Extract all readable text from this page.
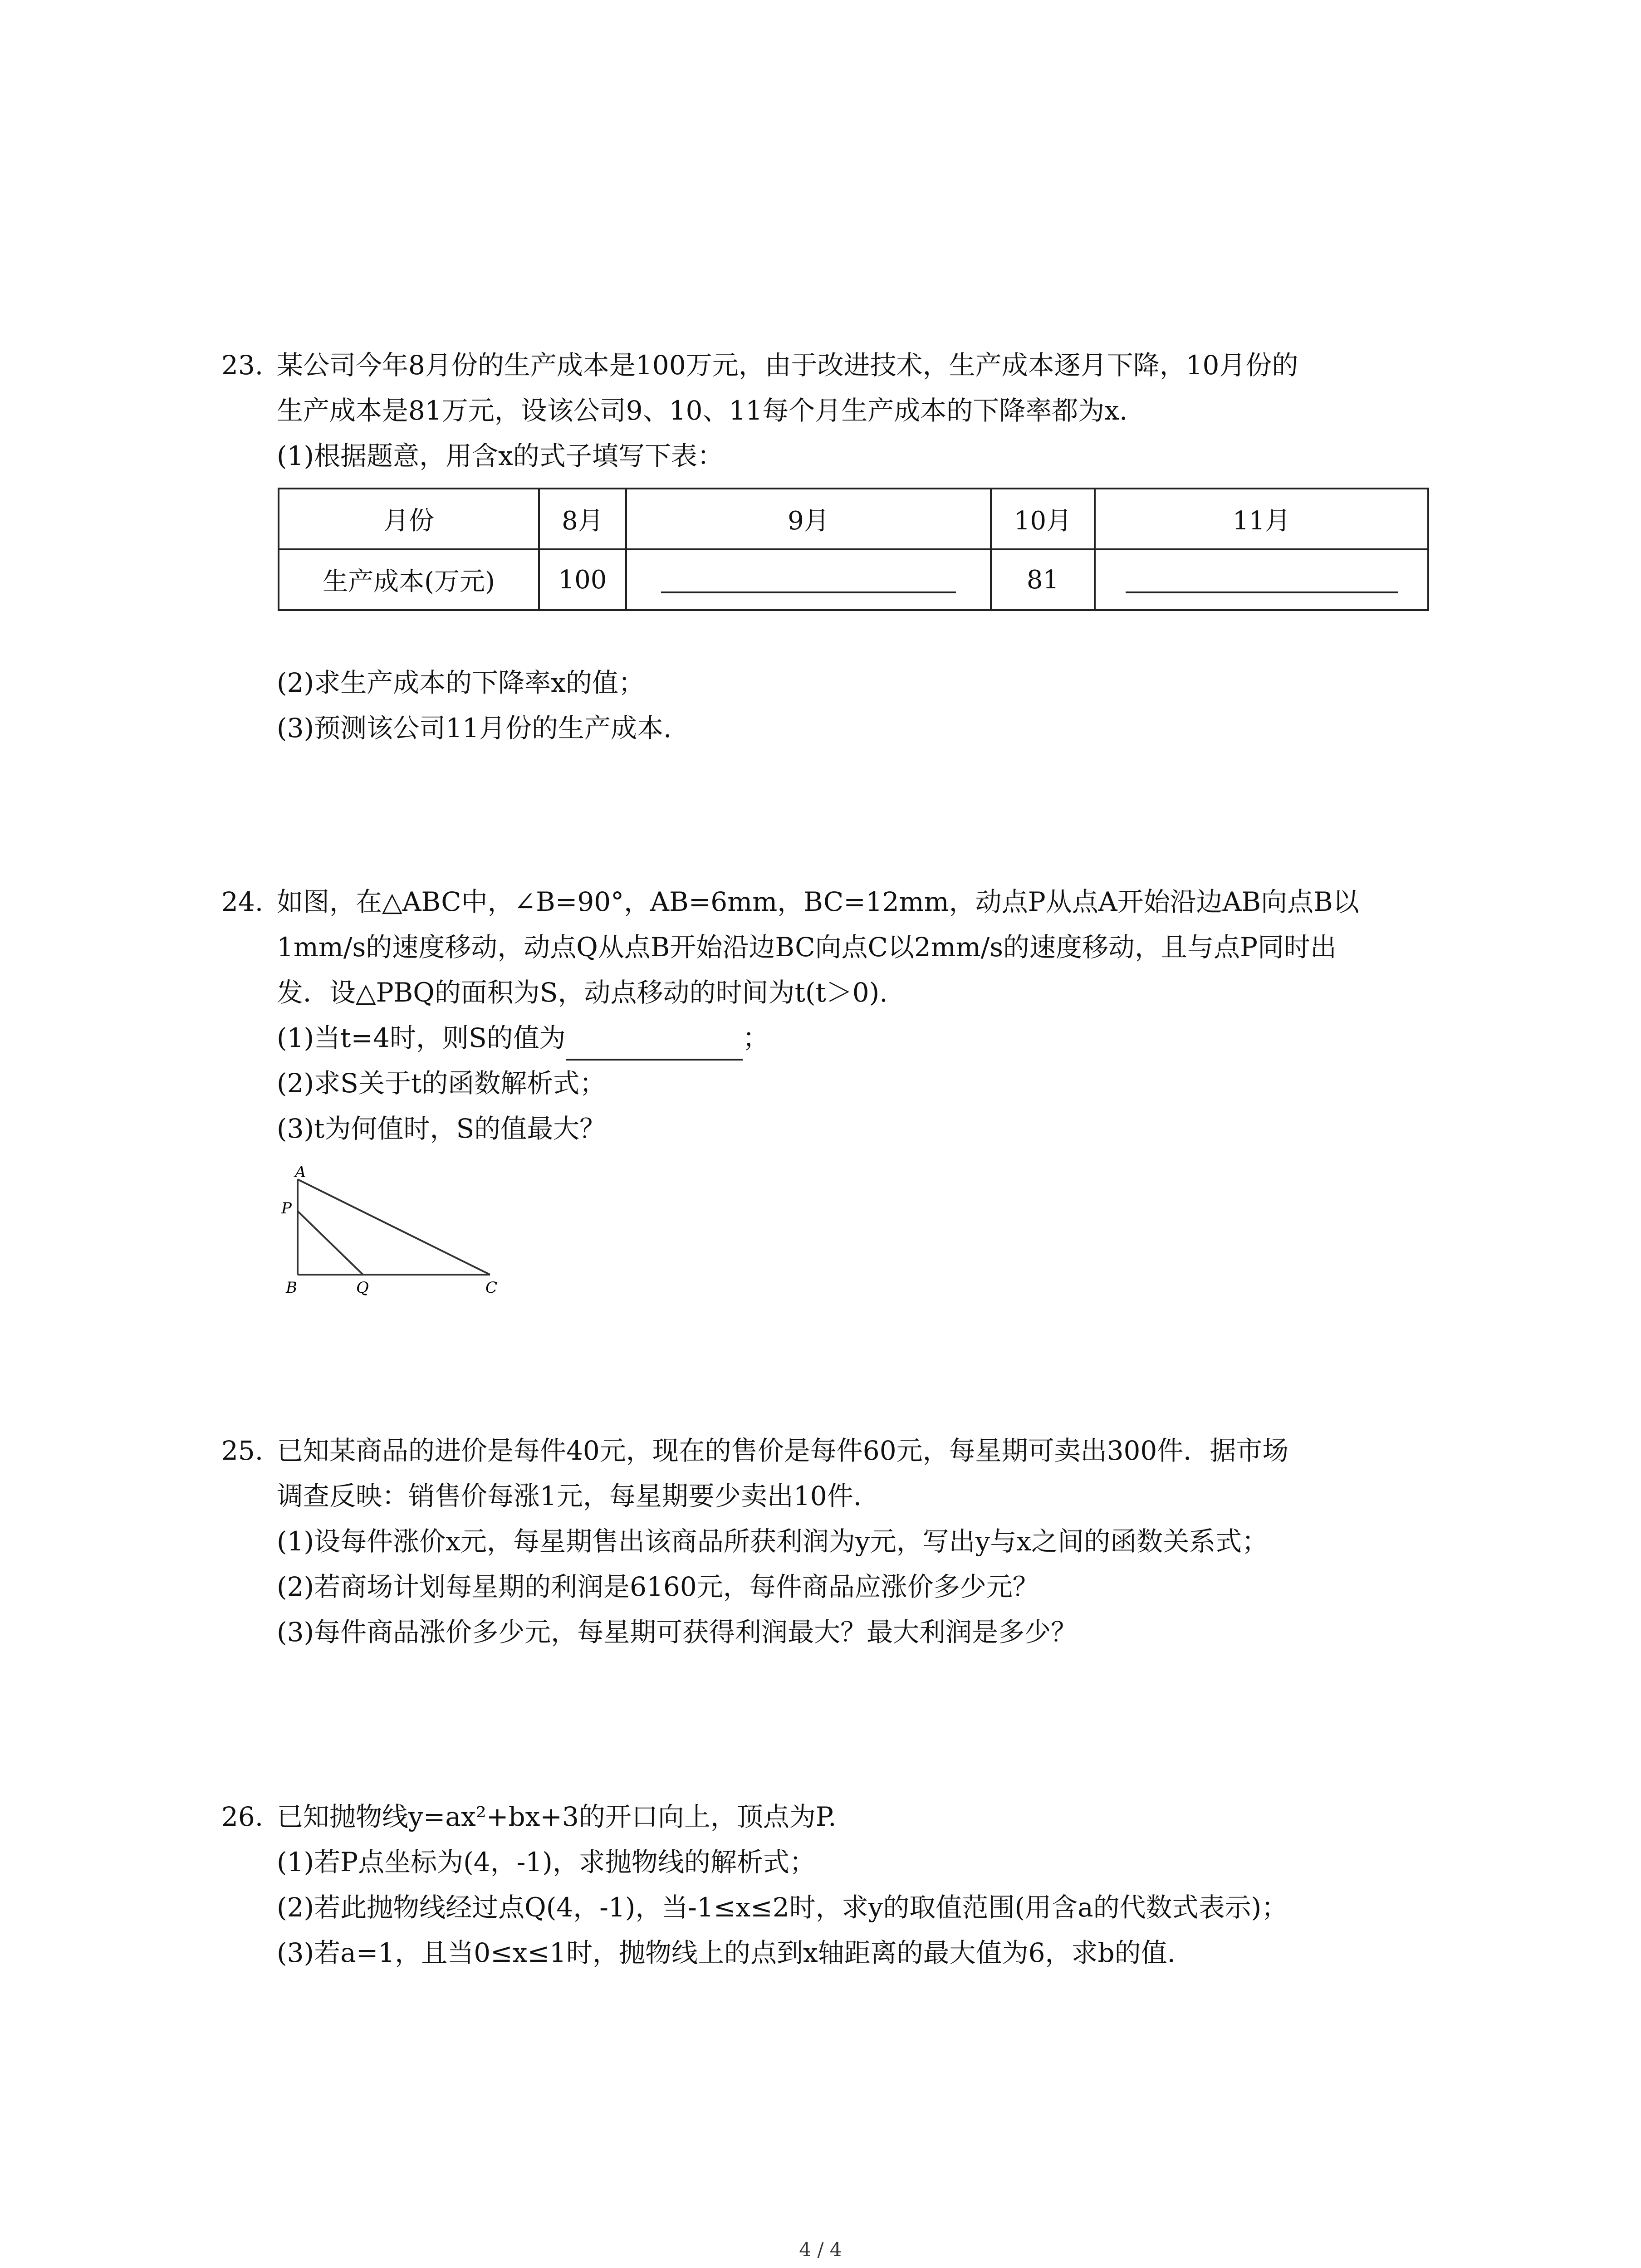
23. 某公司今年8月份的生产成本是100万元，由于改进技术，生产成本逐月下降，10月份的
生产成本是81万元，设该公司9、10、11每个月生产成本的下降率都为x.
(1)根据题意，用含x的式子填写下表：
月份	8月	9月	10月	11月
生产成本(万元)	100		81	
(2)求生产成本的下降率x的值；
(3)预测该公司11月份的生产成本.
24. 如图，在△ABC中，∠B=90°，AB=6mm，BC=12mm，动点P从点A开始沿边AB向点B以
1mm/s的速度移动，动点Q从点B开始沿边BC向点C以2mm/s的速度移动，且与点P同时出
发．设△PBQ的面积为S，动点移动的时间为t(t＞0).
(1)当t=4时，则S的值为	；
(2)求S关于t的函数解析式；
(3)t为何值时，S的值最大？
A
P
B	Q	C
25. 已知某商品的进价是每件40元，现在的售价是每件60元，每星期可卖出300件．据市场
调查反映：销售价每涨1元，每星期要少卖出10件.
(1)设每件涨价x元，每星期售出该商品所获利润为y元，写出y与x之间的函数关系式；
(2)若商场计划每星期的利润是6160元，每件商品应涨价多少元？
(3)每件商品涨价多少元，每星期可获得利润最大？最大利润是多少？
26. 已知抛物线y=ax²+bx+3的开口向上，顶点为P.
(1)若P点坐标为(4，-1)，求抛物线的解析式；
(2)若此抛物线经过点Q(4，-1)，当-1≤x≤2时，求y的取值范围(用含a的代数式表示)；
(3)若a=1，且当0≤x≤1时，抛物线上的点到x轴距离的最大值为6，求b的值.
4 / 4
